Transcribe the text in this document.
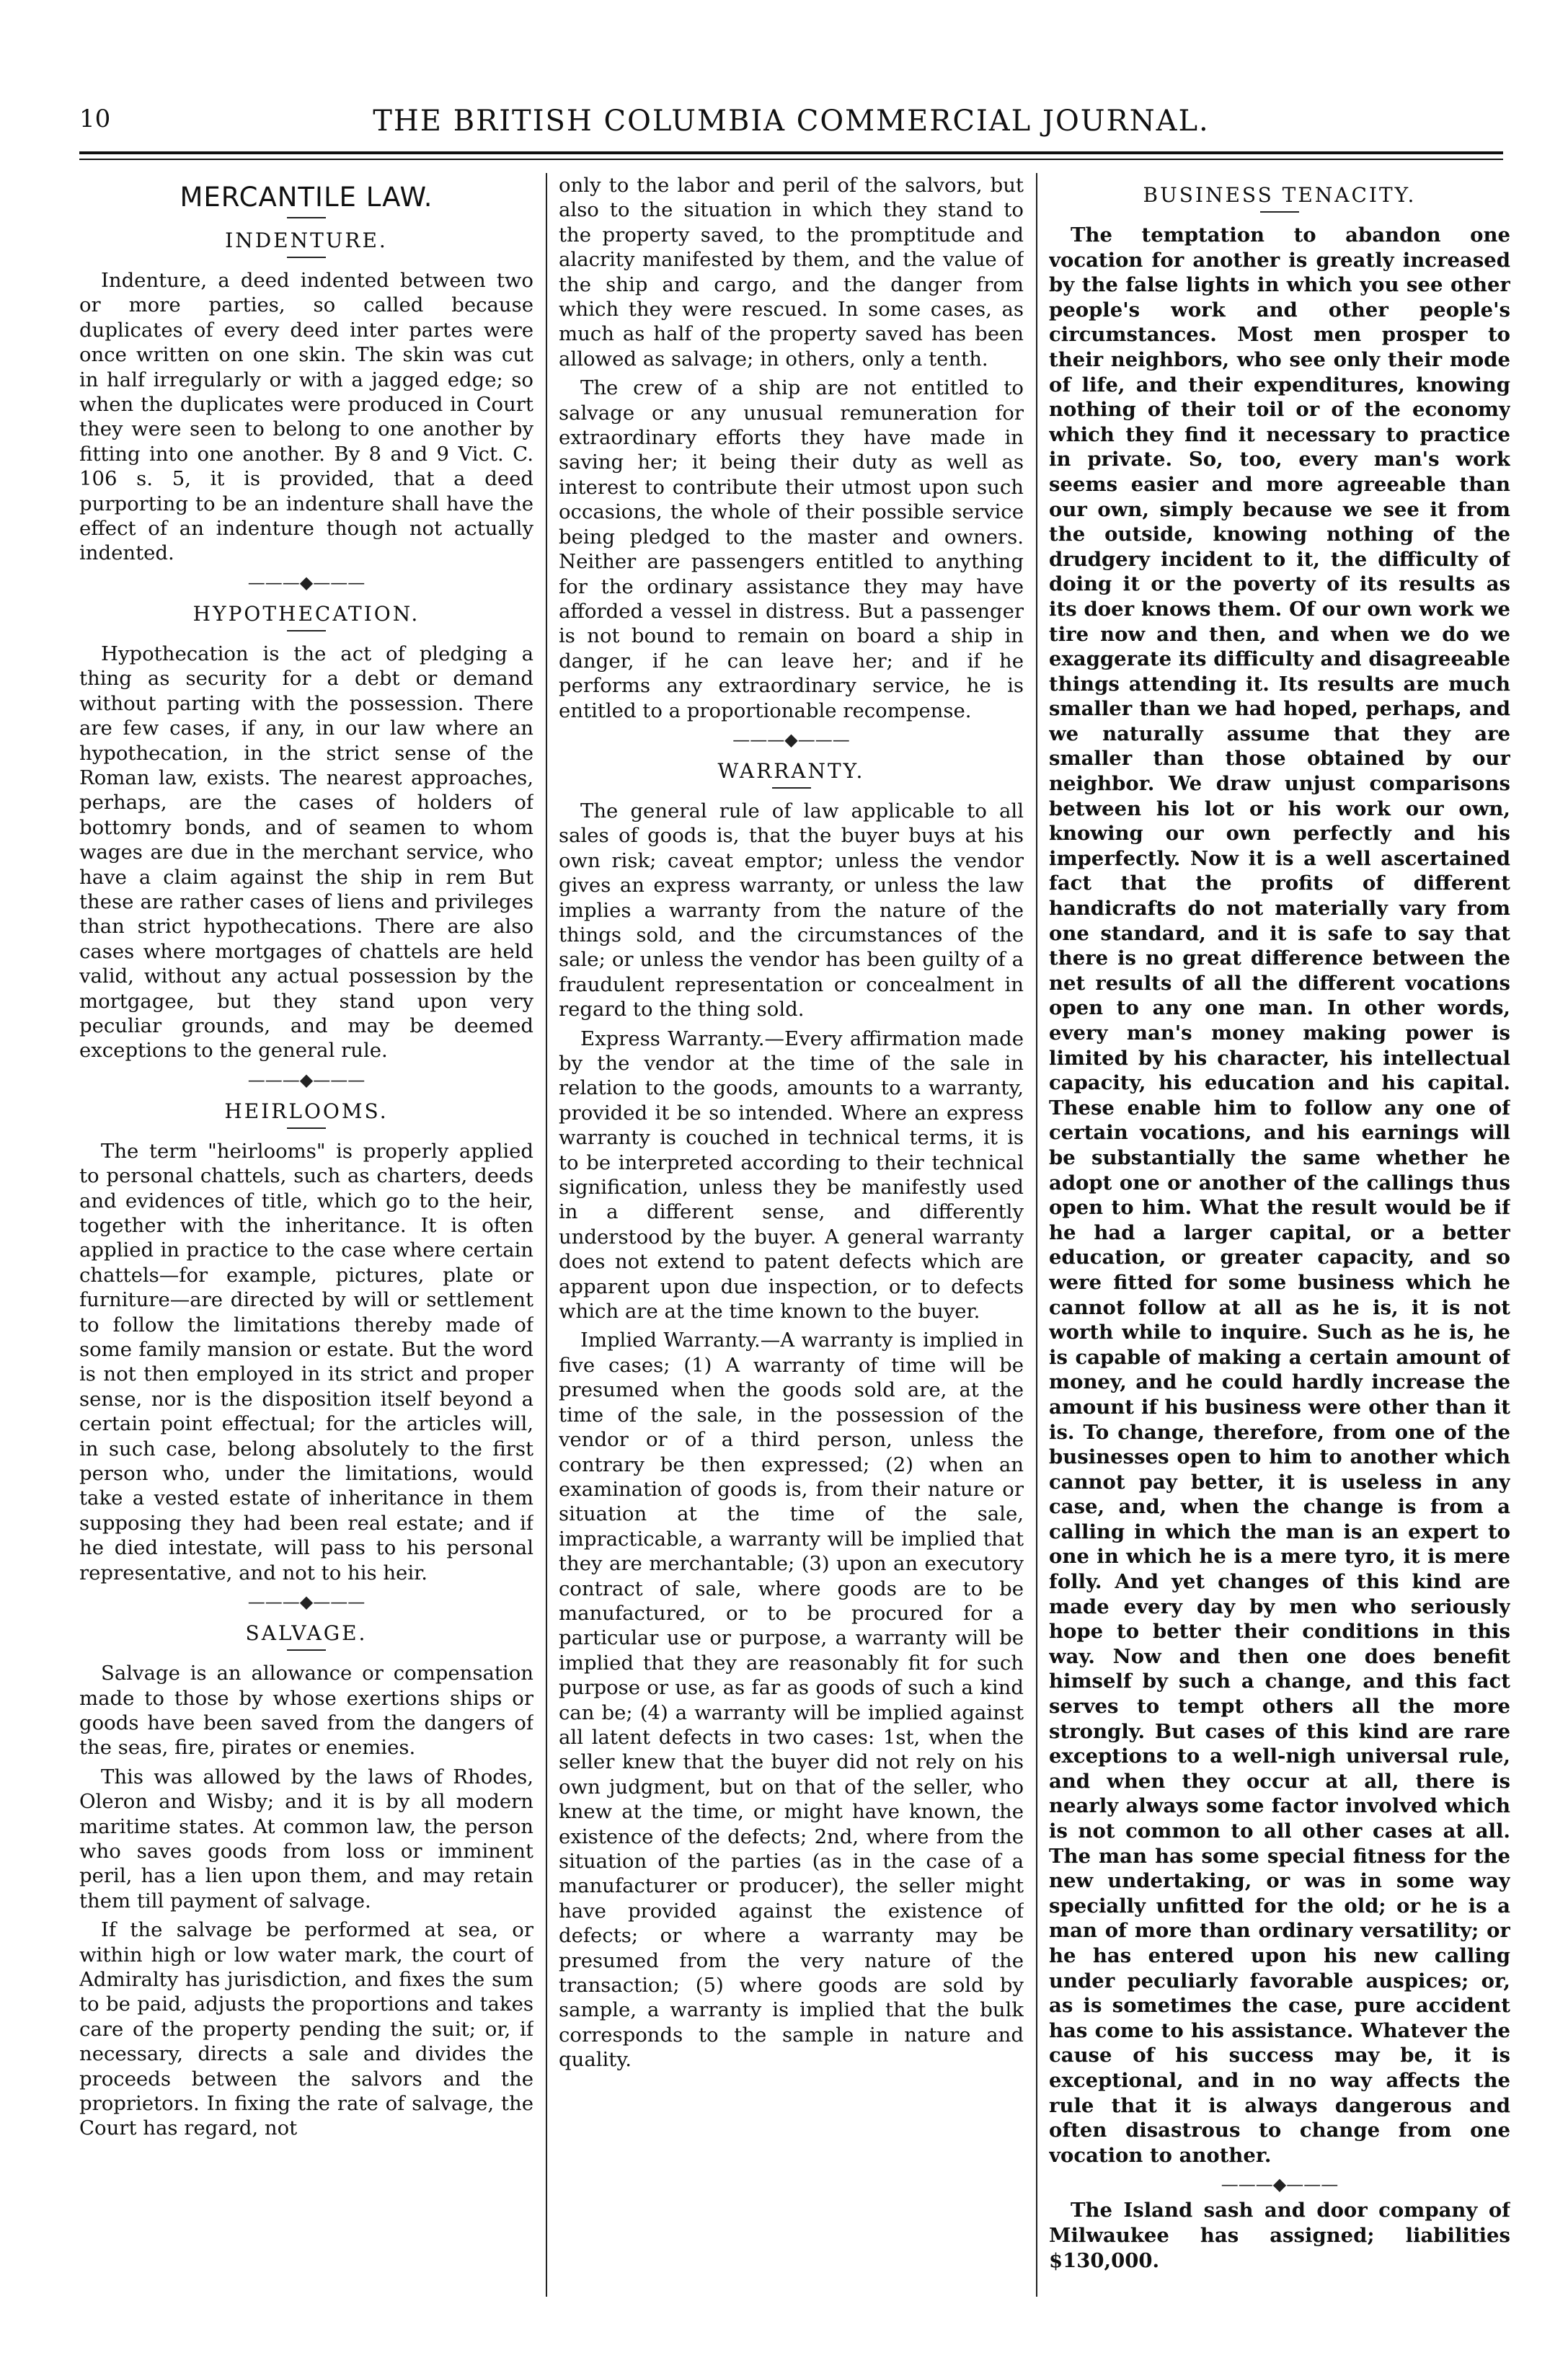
10	THE BRITISH COLUMBIA COMMERCIAL JOURNAL.
MERCANTILE LAW.
INDENTURE.

Indenture, a deed indented between two or more parties, so called because duplicates of every deed inter partes were once written on one skin. The skin was cut in half irregularly or with a jagged edge; so when the duplicates were produced in Court they were seen to belong to one another by fitting into one another. By 8 and 9 Vict. C. 106 s. 5, it is provided, that a deed purporting to be an indenture shall have the effect of an indenture though not actually indented.

———◆———
HYPOTHECATION.

Hypothecation is the act of pledging a thing as security for a debt or demand without parting with the possession. There are few cases, if any, in our law where an hypothecation, in the strict sense of the Roman law, exists. The nearest approaches, perhaps, are the cases of holders of bottomry bonds, and of seamen to whom wages are due in the merchant service, who have a claim against the ship in rem But these are rather cases of liens and privileges than strict hypothecations. There are also cases where mortgages of chattels are held valid, without any actual possession by the mortgagee, but they stand upon very peculiar grounds, and may be deemed exceptions to the general rule.

———◆———
HEIRLOOMS.

The term "heirlooms" is properly applied to personal chattels, such as charters, deeds and evidences of title, which go to the heir, together with the inheritance. It is often applied in practice to the case where certain chattels—for example, pictures, plate or furniture—are directed by will or settlement to follow the limitations thereby made of some family mansion or estate. But the word is not then employed in its strict and proper sense, nor is the disposition itself beyond a certain point effectual; for the articles will, in such case, belong absolutely to the first person who, under the limitations, would take a vested estate of inheritance in them supposing they had been real estate; and if he died intestate, will pass to his personal representative, and not to his heir.

———◆———
SALVAGE.

Salvage is an allowance or compensation made to those by whose exertions ships or goods have been saved from the dangers of the seas, fire, pirates or enemies.

This was allowed by the laws of Rhodes, Oleron and Wisby; and it is by all modern maritime states. At common law, the person who saves goods from loss or imminent peril, has a lien upon them, and may retain them till payment of salvage.

If the salvage be performed at sea, or within high or low water mark, the court of Admiralty has jurisdiction, and fixes the sum to be paid, adjusts the proportions and takes care of the property pending the suit; or, if necessary, directs a sale and divides the proceeds between the salvors and the proprietors. In fixing the rate of salvage, the Court has regard, not

only to the labor and peril of the salvors, but also to the situation in which they stand to the property saved, to the promptitude and alacrity manifested by them, and the value of the ship and cargo, and the danger from which they were rescued. In some cases, as much as half of the property saved has been allowed as salvage; in others, only a tenth.

The crew of a ship are not entitled to salvage or any unusual remuneration for extraordinary efforts they have made in saving her; it being their duty as well as interest to contribute their utmost upon such occasions, the whole of their possible service being pledged to the master and owners. Neither are passengers entitled to anything for the ordinary assistance they may have afforded a vessel in distress. But a passenger is not bound to remain on board a ship in danger, if he can leave her; and if he performs any extraordinary service, he is entitled to a proportionable recompense.

———◆———
WARRANTY.

The general rule of law applicable to all sales of goods is, that the buyer buys at his own risk; caveat emptor; unless the vendor gives an express warranty, or unless the law implies a warranty from the nature of the things sold, and the circumstances of the sale; or unless the vendor has been guilty of a fraudulent representation or concealment in regard to the thing sold.

Express Warranty.—Every affirmation made by the vendor at the time of the sale in relation to the goods, amounts to a warranty, provided it be so intended. Where an express warranty is couched in technical terms, it is to be interpreted according to their technical signification, unless they be manifestly used in a different sense, and differently understood by the buyer. A general warranty does not extend to patent defects which are apparent upon due inspection, or to defects which are at the time known to the buyer.

Implied Warranty.—A warranty is implied in five cases; (1) A warranty of time will be presumed when the goods sold are, at the time of the sale, in the possession of the vendor or of a third person, unless the contrary be then expressed; (2) when an examination of goods is, from their nature or situation at the time of the sale, impracticable, a warranty will be implied that they are merchantable; (3) upon an executory contract of sale, where goods are to be manufactured, or to be procured for a particular use or purpose, a warranty will be implied that they are reasonably fit for such purpose or use, as far as goods of such a kind can be; (4) a warranty will be implied against all latent defects in two cases: 1st, when the seller knew that the buyer did not rely on his own judgment, but on that of the seller, who knew at the time, or might have known, the existence of the defects; 2nd, where from the situation of the parties (as in the case of a manufacturer or producer), the seller might have provided against the existence of defects; or where a warranty may be presumed from the very nature of the transaction; (5) where goods are sold by sample, a warranty is implied that the bulk corresponds to the sample in nature and quality.

BUSINESS TENACITY.

The temptation to abandon one vocation for another is greatly increased by the false lights in which you see other people's work and other people's circumstances. Most men prosper to their neighbors, who see only their mode of life, and their expenditures, knowing nothing of their toil or of the economy which they find it necessary to practice in private. So, too, every man's work seems easier and more agreeable than our own, simply because we see it from the outside, knowing nothing of the drudgery incident to it, the difficulty of doing it or the poverty of its results as its doer knows them. Of our own work we tire now and then, and when we do we exaggerate its difficulty and disagreeable things attending it. Its results are much smaller than we had hoped, perhaps, and we naturally assume that they are smaller than those obtained by our neighbor. We draw unjust comparisons between his lot or his work our own, knowing our own perfectly and his imperfectly. Now it is a well ascertained fact that the profits of different handicrafts do not materially vary from one standard, and it is safe to say that there is no great difference between the net results of all the different vocations open to any one man. In other words, every man's money making power is limited by his character, his intellectual capacity, his education and his capital. These enable him to follow any one of certain vocations, and his earnings will be substantially the same whether he adopt one or another of the callings thus open to him. What the result would be if he had a larger capital, or a better education, or greater capacity, and so were fitted for some business which he cannot follow at all as he is, it is not worth while to inquire. Such as he is, he is capable of making a certain amount of money, and he could hardly increase the amount if his business were other than it is. To change, therefore, from one of the businesses open to him to another which cannot pay better, it is useless in any case, and, when the change is from a calling in which the man is an expert to one in which he is a mere tyro, it is mere folly. And yet changes of this kind are made every day by men who seriously hope to better their conditions in this way. Now and then one does benefit himself by such a change, and this fact serves to tempt others all the more strongly. But cases of this kind are rare exceptions to a well-nigh universal rule, and when they occur at all, there is nearly always some factor involved which is not common to all other cases at all. The man has some special fitness for the new undertaking, or was in some way specially unfitted for the old; or he is a man of more than ordinary versatility; or he has entered upon his new calling under peculiarly favorable auspices; or, as is sometimes the case, pure accident has come to his assistance. Whatever the cause of his success may be, it is exceptional, and in no way affects the rule that it is always dangerous and often disastrous to change from one vocation to another.

———◆———

The Island sash and door company of Milwaukee has assigned; liabilities $130,000.
